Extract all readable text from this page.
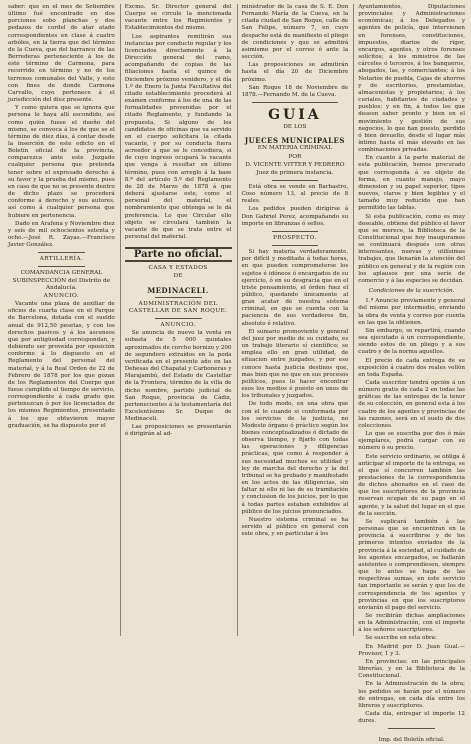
saber: que en el mes de Setiembre último fué encontrado en dos porciones sobo planchas y dos pedazos de cordel de atar atado correspondientes en clase á cuatro arbóles, en la tierra que del término de la Cueva, que del barranco de las Berrederas perteneciente á los de este término de Carmona, para recorrido en término y no de los terrenos comunales del Valle, y esto con fines de donde Carmona Carvallo, cuyo pertenece á el jurisdicción del diez presente.

Y como quiera que se ignora que persona lo haya allí escondido, así como quién fuese el dueño del mismo, se convoca á los de que se el término de diez días, á contar desde la inserción de este edicto en el Boletín oficial de la provincia, comparezca ante este Juzgado cualquier persona que pretenda tener sobre el expresado derecho á su favor y la prueba del mismo, pues en caso de que no se presente dentro de dicho plazo se procederá conforme á derecho y sus autores, así como á cualquier persona que hubiere en pertenencia.

Dado en Arafena y Noviembre diez y seis de mil ochocientos setenta y ocho.—José R. Zayas.—Francisco Javier González.

ARTILLERÍA.
COMANDANCIA GENERAL SUBINSPECCIÓN del Distrito de Andalucía.
ANUNCIO.

Vacante una plaza de auxiliar de oficios de cuarta clase en el Parque de Barcelona, dotada con el sueldo anual de 912,50 pesetas, y con los derechos pasivos y á los ascensos que por antigüedad correspondan, y debiendo ser proveída por oposición conforme á lo dispuesto en el Reglamento del personal del material, y á la Real Orden de 22 de Febrero de 1878 por los que gozan de los Reglamentos del Cuerpo que fuese cumplido el tiempo de servicio, correspondiente á cada grado que pertenezcan ó por los licenciados de los mismos Regimientos, presentado á los que obtuvieron mayor graduación, se ha dispuesto por el

Excmo. Sr. Director general del Cuerpo se circule la mencionada vacante entre los Regimientos y Establecimientos del mismo.

Los aspirantes remitirán sus instancias por conducto regular y los licenciados directamente á la Dirección general del ramo, acompañando de copias de las filiaciones hasta el quince de Diciembre próximo venidero, y el día 1.º de Enero la Junta Facultativa del citado establecimiento procederá al exámen conforme á los de una de las formalidades prevenidas por el citado Reglamento, y fundando la propuesta, Si alguno de los candidatos de oficinas que va servido en el cuerpo solicitara la citada vacante, y por su conducta fuera acreedor á que se le concediera, si de cuyo ingreso ocupará la vacante que venga á resultar en último término, pues con arreglo á la base 8.ª del artículo 5.º del Reglamento de 28 de Marzo de 1878 á que deberá ajustarse este, como el personal del material, el nombramiento que obtenga se le dá preferencia. Lo que Circular ello objeto se circulará también la vacante de que se trata entre el personal del material.

Parte no oficial.
CASA Y ESTADOS
DE
MEDINACELI.
ADMINISTRACIÓN DEL CASTELLAR DE SAN ROQUE.
ANUNCIO.

Se anuncia de nuevo la venta en subasta de 5 000 quintales aproximados de corcho bornizo y 200 de segundero extraídos en la poda verificada en el presente año en las Dehesas del Chapatal y Carboneras y Marajambú, del Estado de Castellar de la Frontera, término de la villa de dicho nombre, partido judicial de San Roque, provincia de Cádiz, pertenecientes á la testamentaría del Excelentísimo Sr. Duque de Medinaceli.

Las proposiciones se presentarán ó dirigirán al ad-

ministrador de la casa de S. E. Don Fernando María de la Cueva, en la citada ciudad de San Roque, calle de San Felipe, número 7, en cuyo despacho está de manifiesto el pliego de condiciones y que se admitirá asimismo por el correo ó ante la sección.

Las proposiciones se admitirán hasta el día 20 de Diciembre próximo.

San Roque 18 de Noviembre de 1878.—Fernando M. de la Cueva.

GUIA
DE LOS
JUECES MUNICIPALES
EN MATERIA CRIMINAL
POR
D. VICENTE VITTER Y PEDRERO
Juez de primera instancia.

Está obra se vende en Barbastro, Coso número 13, al precio de 8 reales.

Los pedidos pueden dirigirse á Don Gabriel Perez, acompañando su importe en libranzas ó sellos.

PROSPECTO.

Si hay materia verdaderamente, por difícil y meditada á todas horas, en que pueden comprometerse los sujetos é idóneos ó encargados de su ejercicio, ó en su desgracia que en el triste pensamiento, el órden fuez el público, quedando únicamente al gran acatar de nuestra sistema criminal, en que se cuenta con la paciencia de sus verdaderos fin, absoluto é relativo.

El sumario promoviente y general del juez por medio de su cuidado, es un trabajo literario sí científico; se emplea ello en gran utilidad, de situacion entre juzgados, y por eso conoce hasta justicia destinos que, mas bien que no que en sus procesos políticos, pues lo hacer encontrar esos los medios é puesto en unos de los tribunales y juzgados.

De todo modo, en una obra que con el lo cuando si conformada por los servicios de la justicia, no Modesto órgano ó práctico según los bienes conceptualizados ó dictado de observa tiempo, y fijarlo con todas las operaciones y diligencias prácticas, que como á responder á sus necesidad muchos su utilidad y ley de marcha del derecho y la del tribunal se ha probado y manifestado en los actos de las diligencias, sin faltar ni ello ni las de su tramitación y conclusion de los juicios, por lo que á todas partes estaban exhibidos al público de los juicios pronunciados.

Nuestro sistema criminal se ha servido al público en general con este obra, y en particular á los

Ayuntamientos, Diputaciones provinciales y Administraciones económicas; á los Delegados y agentes de policía, que intervienen en forenses, constituciones, impuestos, diarios de rigor, encargos, agentes, y otros forenses solícitos; á los ministros de las cárceles ó terceros, á los banqueros, abogados, las, y comerciantes; á los Notarios de puebla, Cajas de ahorros y de escritorios, prestamistas, almacenistas y propietarios; á los curiales, habitantes de ciudades y pueblos; y en fin, á todos los que deseen saber pronto y bien en el movimiento y gestión de sus negocios, lo que han puesto, perdido ó bien devuelto, desde el lugar más íntimo hasta el más elevado en las combinaciones privadas.

En cuanto á la parte material de esta publicación, hemos procurado que corresponda á su objeto de forma, en cuanto manejo, mayo dimension y su papel superior, tipos nuevos, claros y bien legibles y el tamaño muy reducido que han permitido las tablas.

Si esta publicación, como es muy deseable, obtiene del público el favor que se merece, la Biblioteca de la Constitucional que hoy inauguramos se continuará después con otras interesantes, nuevas y utilísimas trabajos, que llenarán la atención del público en general y de la región con los aplausos por una serie de comercio y á las especies se decidan.

Condiciones de la suscrición.

1.ª Anuncio previamente y general del mismo por intermedio, enviando la obra de venta y correo por cuenta en las que la obtienen.

Sin embargo, se repartirá, cuando sea ejecutado á un correspondiente, siendo estos de un pliego y a sus cuatro y de la norma aquellos.

El precio de cada entrega de su exposición á cuatro dos reales vellón en toda España.

Cada suscritor tendrá opción á un número gratis de cada 2 en todas las gráficas de las entregas de la tenor de su colección, en general esta á los cuatro de los agentes y provincias de las razones, será en el suelo de dos colecciones.

Lo que se suscriba por dos ó más ejemplares, podrá cargar con su número ó su precio.

Este servicio ordinario, se obliga á anticipar el importe de la entrega, se el que sí concurren también las prestaciones de la correspondencia de dichos abonados en el caso de que los suscriptores de la provincia reservan ocupan de su pago en el agente, y la salud del lugar en el que de la sección.

Se suplicará también á las personas que se encuentran en la provincia á suscribirse y de los primeros intentos enviados de la provincia á la sociedad, al cuidado de los agentes encargados, se hallarán asistentes o comprendiesen, siempre que lo antes se haga de las respectivas sumas, en este servicio tan importante se serán y que los de correspondencia de los agentes y provincias en que los suscriptores enviarán el pago del servicio.

Se recibirán dichas ampliaciones en la Administración, con el importe á los señores suscriptores.

Se suscribe en esta obra:

En Madrid por D. Juan Gual.—Provisor, 1 y 3.

En provincias: en las principales librerías, y en la Biblioteca de la Constitucional.

En la Administración de la obra; los pedidos se harán por el número de entregas, en cada día entre los libreros y suscriptores.

Cada dia, entregar el importe 12 dures.

Imp. del Boletín oficial.
